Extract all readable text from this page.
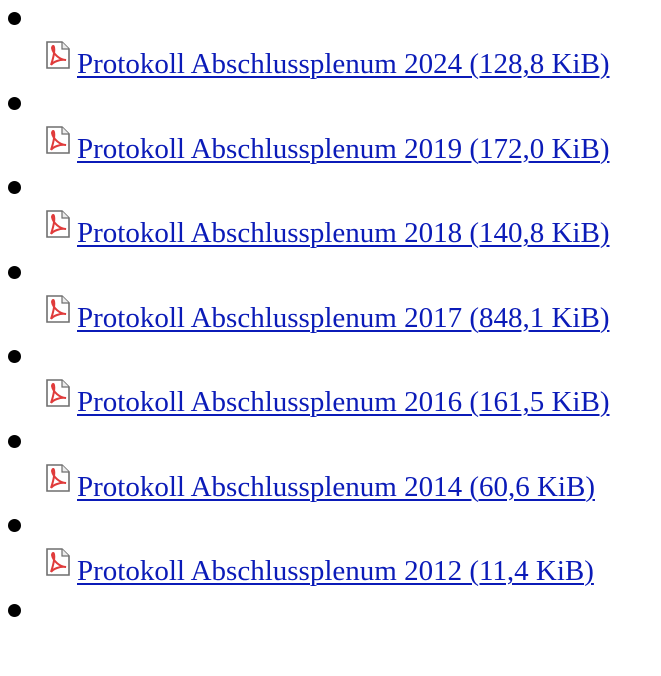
Protokoll Abschlussplenum 2024 (128,8 KiB)
Protokoll Abschlussplenum 2019 (172,0 KiB)
Protokoll Abschlussplenum 2018 (140,8 KiB)
Protokoll Abschlussplenum 2017 (848,1 KiB)
Protokoll Abschlussplenum 2016 (161,5 KiB)
Protokoll Abschlussplenum 2014 (60,6 KiB)
Protokoll Abschlussplenum 2012 (11,4 KiB)
